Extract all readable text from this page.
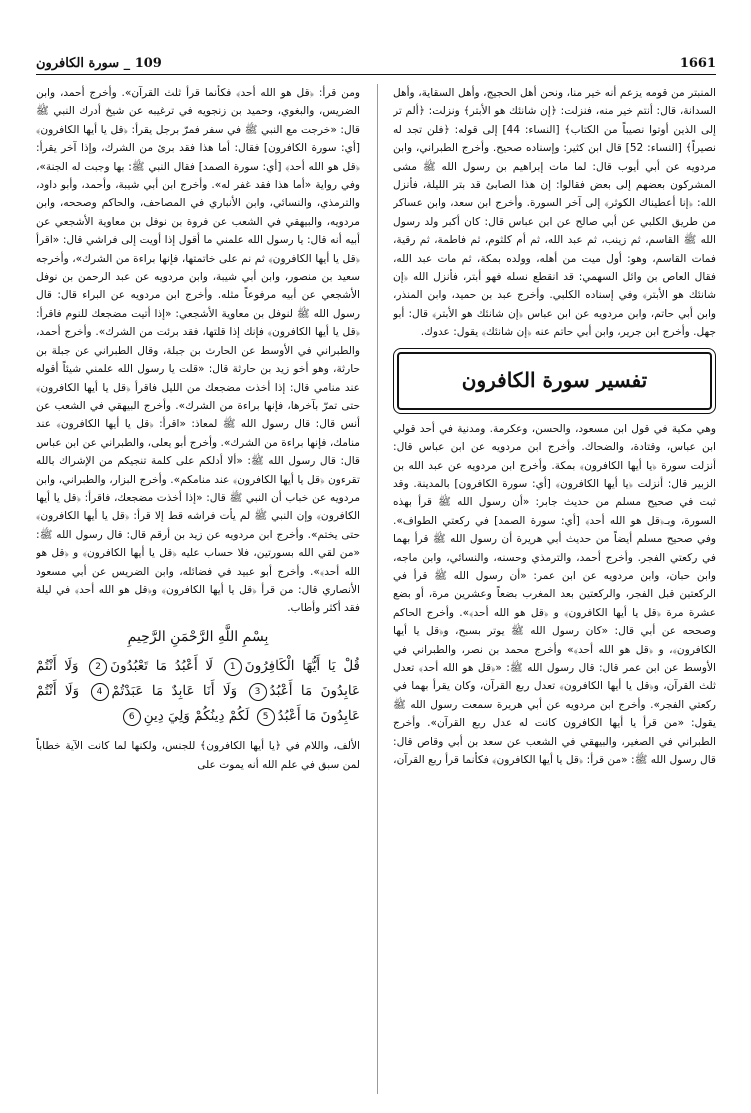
109 _ سورة الكافرون	1661

المنبتر من قومه يزعم أنه خير منا، ونحن أهل الحجيج، وأهل السقاية، وأهل السدانة، قال: أنتم خير منه، فنزلت: ﴿إن شانئك هو الأبتر﴾ ونزلت: ﴿ألم تر إلى الذين أوتوا نصيباً من الكتاب﴾ [النساء: 44] إلى قوله: ﴿فلن تجد له نصيراً﴾ [النساء: 52] قال ابن كثير: وإسناده صحيح. وأخرج الطبراني، وابن مردويه عن أبي أيوب قال: لما مات إبراهيم بن رسول الله ﷺ مشى المشركون بعضهم إلى بعض فقالوا: إن هذا الصابئ قد بتر الليلة، فأنزل الله: ﴿إنا أعطيناك الكوثر﴾ إلى آخر السورة. وأخرج ابن سعد، وابن عساكر من طريق الكلبي عن أبي صالح عن ابن عباس قال: كان أكبر ولد رسول الله ﷺ القاسم، ثم زينب، ثم عبد الله، ثم أم كلثوم، ثم فاطمة، ثم رقية، فمات القاسم، وهو: أول ميت من أهله، وولده بمكة، ثم مات عبد الله، فقال العاص بن وائل السهمي: قد انقطع نسله فهو أبتر، فأنزل الله ﴿إن شانئك هو الأبتر﴾ وفي إسناده الكلبي. وأخرج عبد بن حميد، وابن المنذر، وابن أبي حاتم، وابن مردويه عن ابن عباس ﴿إن شانئك هو الأبتر﴾ قال: أبو جهل. وأخرج ابن جرير، وابن أبي حاتم عنه ﴿إن شانئك﴾ يقول: عدوك.

تفسير سورة الكافرون

وهي مكية في قول ابن مسعود، والحسن، وعكرمة. ومدنية في أحد قولي ابن عباس، وقتادة، والضحاك. وأخرج ابن مردويه عن ابن عباس قال: أنزلت سورة ﴿يا أيها الكافرون﴾ بمكة. وأخرج ابن مردويه عن عبد الله بن الزبير قال: أنزلت ﴿يا أيها الكافرون﴾ [أي: سورة الكافرون] بالمدينة. وقد ثبت في صحيح مسلم من حديث جابر: «أن رسول الله ﷺ قرأ بهذه السورة، وبـ﴿قل هو الله أحد﴾ [أي: سورة الصمد] في ركعتي الطواف». وفي صحيح مسلم أيضاً من حديث أبي هريرة أن رسول الله ﷺ قرأ بهما في ركعتي الفجر. وأخرج أحمد، والترمذي وحسنه، والنسائي، وابن ماجه، وابن حبان، وابن مردويه عن ابن عمر: «أن رسول الله ﷺ قرأ في الركعتين قبل الفجر، والركعتين بعد المغرب بضعاً وعشرين مرة، أو بضع عشرة مرة ﴿قل يا أيها الكافرون﴾ و ﴿قل هو الله أحد﴾». وأخرج الحاكم وصححه عن أبي قال: «كان رسول الله ﷺ يوتر بسبح، و﴿قل يا أيها الكافرون﴾، و ﴿قل هو الله أحد﴾» وأخرج محمد بن نصر، والطبراني في الأوسط عن ابن عمر قال: قال رسول الله ﷺ: «﴿قل هو الله أحد﴾ تعدل ثلث القرآن، و﴿قل يا أيها الكافرون﴾ تعدل ربع القرآن، وكان يقرأ بهما في ركعتي الفجر». وأخرج ابن مردويه عن أبي هريرة سمعت رسول الله ﷺ يقول: «من قرأ يا أيها الكافرون كانت له عدل ربع القرآن». وأخرج الطبراني في الصغير، والبيهقي في الشعب عن سعد بن أبي وقاص قال: قال رسول الله ﷺ: «من قرأ: ﴿قل يا أيها الكافرون﴾ فكأنما قرأ ربع القرآن،

ومن قرأ: ﴿قل هو الله أحد﴾ فكأنما قرأ ثلث القرآن». وأخرج أحمد، وابن الضريس، والبغوي، وحميد بن زنجويه في ترغيبه عن شيخ أدرك النبي ﷺ قال: «خرجت مع النبي ﷺ في سفر فمرّ برجل يقرأ: ﴿قل يا أيها الكافرون﴾ [أي: سورة الكافرون] فقال: أما هذا فقد برئ من الشرك، وإذا آخر يقرأ: ﴿قل هو الله أحد﴾ [أي: سورة الصمد] فقال النبي ﷺ: بها وجبت له الجنة»، وفي رواية «أما هذا فقد غفر له». وأخرج ابن أبي شيبة، وأحمد، وأبو داود، والترمذي، والنسائي، وابن الأنباري في المصاحف، والحاكم وصححه، وابن مردويه، والبيهقي في الشعب عن فروة بن نوفل بن معاوية الأشجعي عن أبيه أنه قال: يا رسول الله علمني ما أقول إذا أويت إلى فراشي قال: «اقرأ ﴿قل يا أيها الكافرون﴾ ثم نم على خاتمتها، فإنها براءة من الشرك»، وأخرجه سعيد بن منصور، وابن أبي شيبة، وابن مردويه عن عبد الرحمن بن نوفل الأشجعي عن أبيه مرفوعاً مثله. وأخرج ابن مردويه عن البراء قال: قال رسول الله ﷺ لنوفل بن معاوية الأشجعي: «إذا أتيت مضجعك للنوم فاقرأ: ﴿قل يا أيها الكافرون﴾ فإنك إذا قلتها، فقد برئت من الشرك». وأخرج أحمد، والطبراني في الأوسط عن الحارث بن جبلة، وقال الطبراني عن جبلة بن حارثة، وهو أخو زيد بن حارثة قال: «قلت يا رسول الله علمني شيئاً أقوله عند منامي قال: إذا أخذت مضجعك من الليل فاقرأ ﴿قل يا أيها الكافرون﴾ حتى تمرّ بآخرها، فإنها براءة من الشرك». وأخرج البيهقي في الشعب عن أنس قال: قال رسول الله ﷺ لمعاذ: «اقرأ: ﴿قل يا أيها الكافرون﴾ عند منامك، فإنها براءة من الشرك». وأخرج أبو يعلى، والطبراني عن ابن عباس قال: قال رسول الله ﷺ: «ألا أدلكم على كلمة تنجيكم من الإشراك بالله تقرءون ﴿قل يا أيها الكافرون﴾ عند منامكم». وأخرج البزار، والطبراني، وابن مردويه عن خباب أن النبي ﷺ قال: «إذا أخذت مضجعك، فاقرأ: ﴿قل يا أيها الكافرون﴾ وإن النبي ﷺ لم يأت فراشه قط إلا قرأ: ﴿قل يا أيها الكافرون﴾ حتى يختم». وأخرج ابن مردويه عن زيد بن أرقم قال: قال رسول الله ﷺ: «من لقي الله بسورتين، فلا حساب عليه ﴿قل يا أيها الكافرون﴾ و ﴿قل هو الله أحد﴾». وأخرج أبو عبيد في فضائله، وابن الضريس عن أبي مسعود الأنصاري قال: من قرأ ﴿قل يا أيها الكافرون﴾ و﴿قل هو الله أحد﴾ في ليلة فقد أكثر وأطاب.

بِسْمِ اللَّهِ الرَّحْمَنِ الرَّحِيمِ
قُلْ يَا أَيُّهَا الْكَافِرُونَ1 لَا أَعْبُدُ مَا تَعْبُدُونَ2 وَلَا أَنْتُمْ عَابِدُونَ مَا أَعْبُدُ3 وَلَا أَنَا عَابِدٌ مَا عَبَدْتُمْ4 وَلَا أَنْتُمْ عَابِدُونَ مَا أَعْبُدُ5 لَكُمْ دِينُكُمْ وَلِيَ دِينِ6

الألف، واللام في ﴿يا أيها الكافرون﴾ للجنس، ولكنها لما كانت الآية خطاباً لمن سبق في علم الله أنه يموت على
